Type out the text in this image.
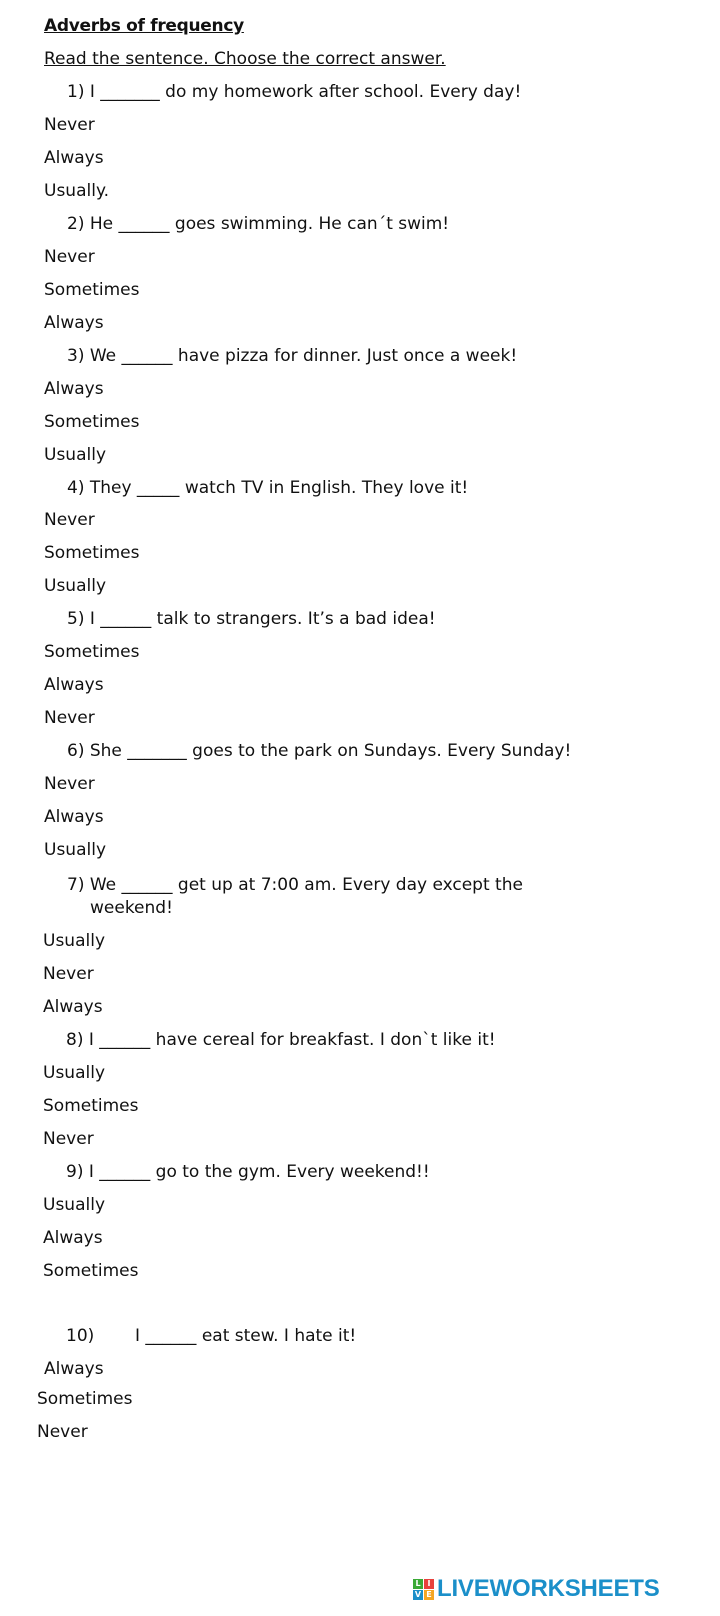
Adverbs of frequency
Read the sentence. Choose the correct answer.
1) I _______ do my homework after school. Every day!
Never
Always
Usually.
2) He ______ goes swimming. He can´t swim!
Never
Sometimes
Always
3) We ______ have pizza for dinner. Just once a week!
Always
Sometimes
Usually
4) They _____ watch TV in English. They love it!
Never
Sometimes
Usually
5) I ______ talk to strangers. It’s a bad idea!
Sometimes
Always
Never
6) She _______ goes to the park on Sundays. Every Sunday!
Never
Always
Usually
7) We ______ get up at 7:00 am. Every day except the
weekend!
Usually
Never
Always
8) I ______ have cereal for breakfast. I don`t like it!
Usually
Sometimes
Never
9) I ______ go to the gym. Every weekend!!
Usually
Always
Sometimes
10) I ______ eat stew. I hate it!
Always
Sometimes
Never
L I
V E LIVEWORKSHEETS
